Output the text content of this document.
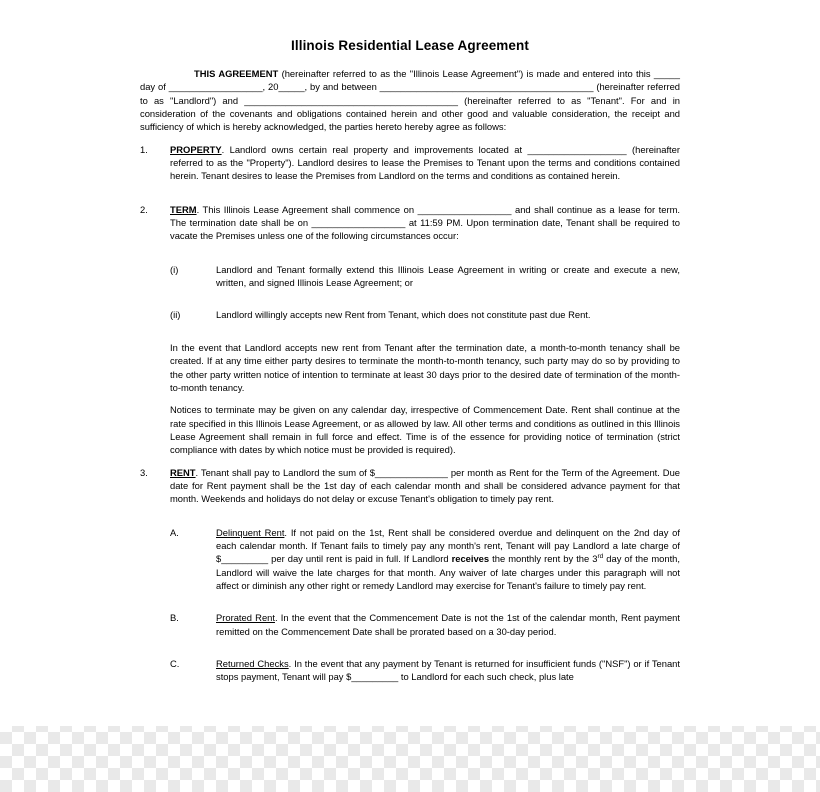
Illinois Residential Lease Agreement

THIS AGREEMENT (hereinafter referred to as the "Illinois Lease Agreement") is made and entered into this _____ day of __________________, 20_____, by and between _________________________________________ (hereinafter referred to as "Landlord") and _________________________________________ (hereinafter referred to as "Tenant". For and in consideration of the covenants and obligations contained herein and other good and valuable consideration, the receipt and sufficiency of which is hereby acknowledged, the parties hereto hereby agree as follows:

1.	PROPERTY. Landlord owns certain real property and improvements located at ___________________ (hereinafter referred to as the "Property"). Landlord desires to lease the Premises to Tenant upon the terms and conditions contained herein. Tenant desires to lease the Premises from Landlord on the terms and conditions as contained herein.

2.	TERM. This Illinois Lease Agreement shall commence on __________________ and shall continue as a lease for term. The termination date shall be on __________________ at 11:59 PM. Upon termination date, Tenant shall be required to vacate the Premises unless one of the following circumstances occur:

(i)	Landlord and Tenant formally extend this Illinois Lease Agreement in writing or create and execute a new, written, and signed Illinois Lease Agreement; or

(ii)	Landlord willingly accepts new Rent from Tenant, which does not constitute past due Rent.

In the event that Landlord accepts new rent from Tenant after the termination date, a month-to-month tenancy shall be created. If at any time either party desires to terminate the month-to-month tenancy, such party may do so by providing to the other party written notice of intention to terminate at least 30 days prior to the desired date of termination of the month-to-month tenancy.

Notices to terminate may be given on any calendar day, irrespective of Commencement Date. Rent shall continue at the rate specified in this Illinois Lease Agreement, or as allowed by law. All other terms and conditions as outlined in this Illinois Lease Agreement shall remain in full force and effect. Time is of the essence for providing notice of termination (strict compliance with dates by which notice must be provided is required).

3.	RENT. Tenant shall pay to Landlord the sum of $______________ per month as Rent for the Term of the Agreement. Due date for Rent payment shall be the 1st day of each calendar month and shall be considered advance payment for that month. Weekends and holidays do not delay or excuse Tenant's obligation to timely pay rent.

A.	Delinquent Rent. If not paid on the 1st, Rent shall be considered overdue and delinquent on the 2nd day of each calendar month. If Tenant fails to timely pay any month's rent, Tenant will pay Landlord a late charge of $_________ per day until rent is paid in full. If Landlord receives the monthly rent by the 3rd day of the month, Landlord will waive the late charges for that month. Any waiver of late charges under this paragraph will not affect or diminish any other right or remedy Landlord may exercise for Tenant's failure to timely pay rent.

B.	Prorated Rent. In the event that the Commencement Date is not the 1st of the calendar month, Rent payment remitted on the Commencement Date shall be prorated based on a 30-day period.

C.	Returned Checks. In the event that any payment by Tenant is returned for insufficient funds ("NSF") or if Tenant stops payment, Tenant will pay $_________ to Landlord for each such check, plus late
